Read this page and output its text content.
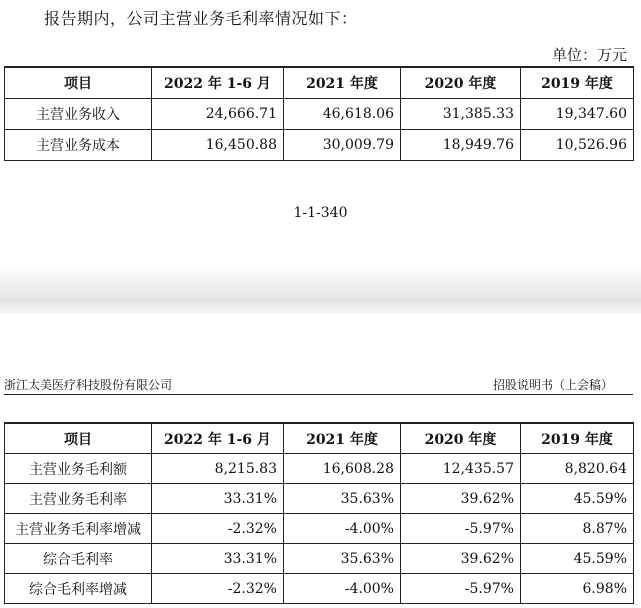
报告期内，公司主营业务毛利率情况如下：
单位：万元
项目	2022 年 1-6 月	2021 年度	2020 年度	2019 年度
主营业务收入	24,666.71	46,618.06	31,385.33	19,347.60
主营业务成本	16,450.88	30,009.79	18,949.76	10,526.96
1-1-340
浙江太美医疗科技股份有限公司	招股说明书（上会稿）
项目	2022 年 1-6 月	2021 年度	2020 年度	2019 年度
主营业务毛利额	8,215.83	16,608.28	12,435.57	8,820.64
主营业务毛利率	33.31%	35.63%	39.62%	45.59%
主营业务毛利率增减	-2.32%	-4.00%	-5.97%	8.87%
综合毛利率	33.31%	35.63%	39.62%	45.59%
综合毛利率增减	-2.32%	-4.00%	-5.97%	6.98%
